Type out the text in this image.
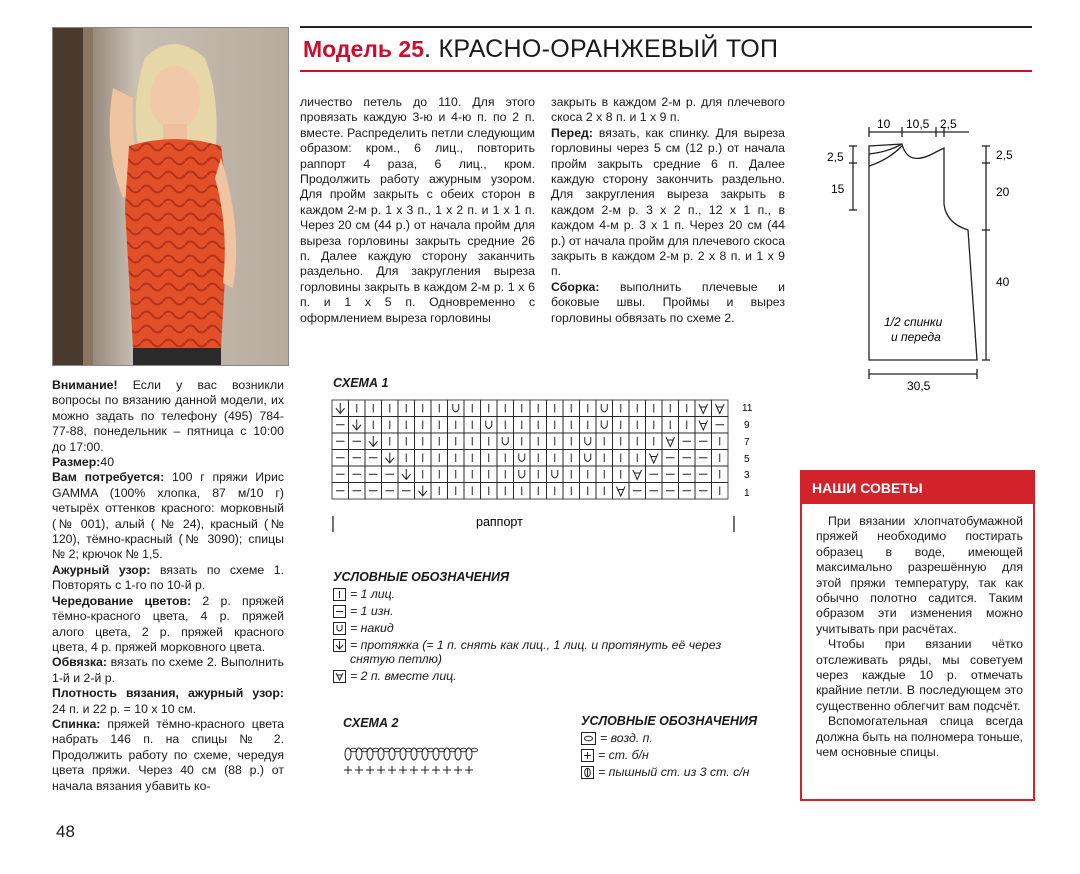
Модель 25. КРАСНО-ОРАНЖЕВЫЙ ТОП

Внимание! Если у вас возникли вопросы по вязанию данной модели, их можно задать по телефону (495) 784-77-88, понедельник – пятница с 10:00 до 17:00.

Размер:40

Вам потребуется: 100 г пряжи Ирис GAMMA (100% хлопка, 87 м/10 г) четырёх оттенков красного: морковный (№ 001), алый ( № 24), красный (№ 120), тёмно-красный (№ 3090); спицы № 2; крючок № 1,5.

Ажурный узор: вязать по схеме 1. Повторять с 1-го по 10-й р.

Чередование цветов: 2 р. пряжей тёмно-красного цвета, 4 р. пряжей алого цвета, 2 р. пряжей красного цвета, 4 р. пряжей морковного цвета.

Обвязка: вязать по схеме 2. Выполнить 1-й и 2-й р.

Плотность вязания, ажурный узор: 24 п. и 22 р. = 10 х 10 см.

Спинка: пряжей тёмно-красного цвета набрать 146 п. на спицы № 2. Продолжить работу по схеме, чередуя цвета пряжи. Через 40 см (88 р.) от начала вязания убавить ко-

личество петель до 110. Для этого провязать каждую 3-ю и 4-ю п. по 2 п. вместе. Распределить петли следующим образом: кром., 6 лиц., повторить раппорт 4 раза, 6 лиц., кром. Продолжить работу ажурным узором. Для пройм закрыть с обеих сторон в каждом 2-м р. 1 х 3 п., 1 х 2 п. и 1 х 1 п. Через 20 см (44 р.) от начала пройм для выреза горловины закрыть средние 26 п. Далее каждую сторону заканчить раздельно. Для закругления выреза горловины закрыть в каждом 2-м р. 1 х 6 п. и 1 х 5 п. Одновременно с оформлением выреза горловины

закрыть в каждом 2-м р. для плечевого скоса 2 х 8 п. и 1 х 9 п.

Перед: вязать, как спинку. Для выреза горловины через 5 см (12 р.) от начала пройм закрыть средние 6 п. Далее каждую сторону закончить раздельно. Для закругления выреза закрыть в каждом 2-м р. 3 х 2 п., 12 х 1 п., в каждом 4-м р. 3 х 1 п. Через 20 см (44 р.) от начала пройм для плечевого скоса закрыть в каждом 2-м р. 2 х 8 п. и 1 х 9 п.

Сборка: выполнить плечевые и боковые швы. Проймы и вырез горловины обвязать по схеме 2.

10 10,5 2,5
2,5
15
2,5
20
40
30,5
1/2 спинки
и переда
СХЕМА 1
11
9
7
5
3
1
раппорт
УСЛОВНЫЕ ОБОЗНАЧЕНИЯ
= 1 лиц.
= 1 изн.
= накид
= протяжка (= 1 п. снять как лиц., 1 лиц. и протянуть её через снятую петлю)
= 2 п. вместе лиц.
СХЕМА 2	УСЛОВНЫЕ ОБОЗНАЧЕНИЯ
= возд. п.
= ст. б/н
= пышный ст. из 3 ст. с/н
НАШИ СОВЕТЫ

При вязании хлопчатобумажной пряжей необходимо постирать образец в воде, имеющей максимально разрешённую для этой пряжи температуру, так как обычно полотно садится. Таким образом эти изменения можно учитывать при расчётах.

Чтобы при вязании чётко отслеживать ряды, мы советуем через каждые 10 р. отмечать крайние петли. В последующем это существенно облегчит вам подсчёт.

Вспомогательная спица всегда должна быть на полномера тоньше, чем основные спицы.

48
